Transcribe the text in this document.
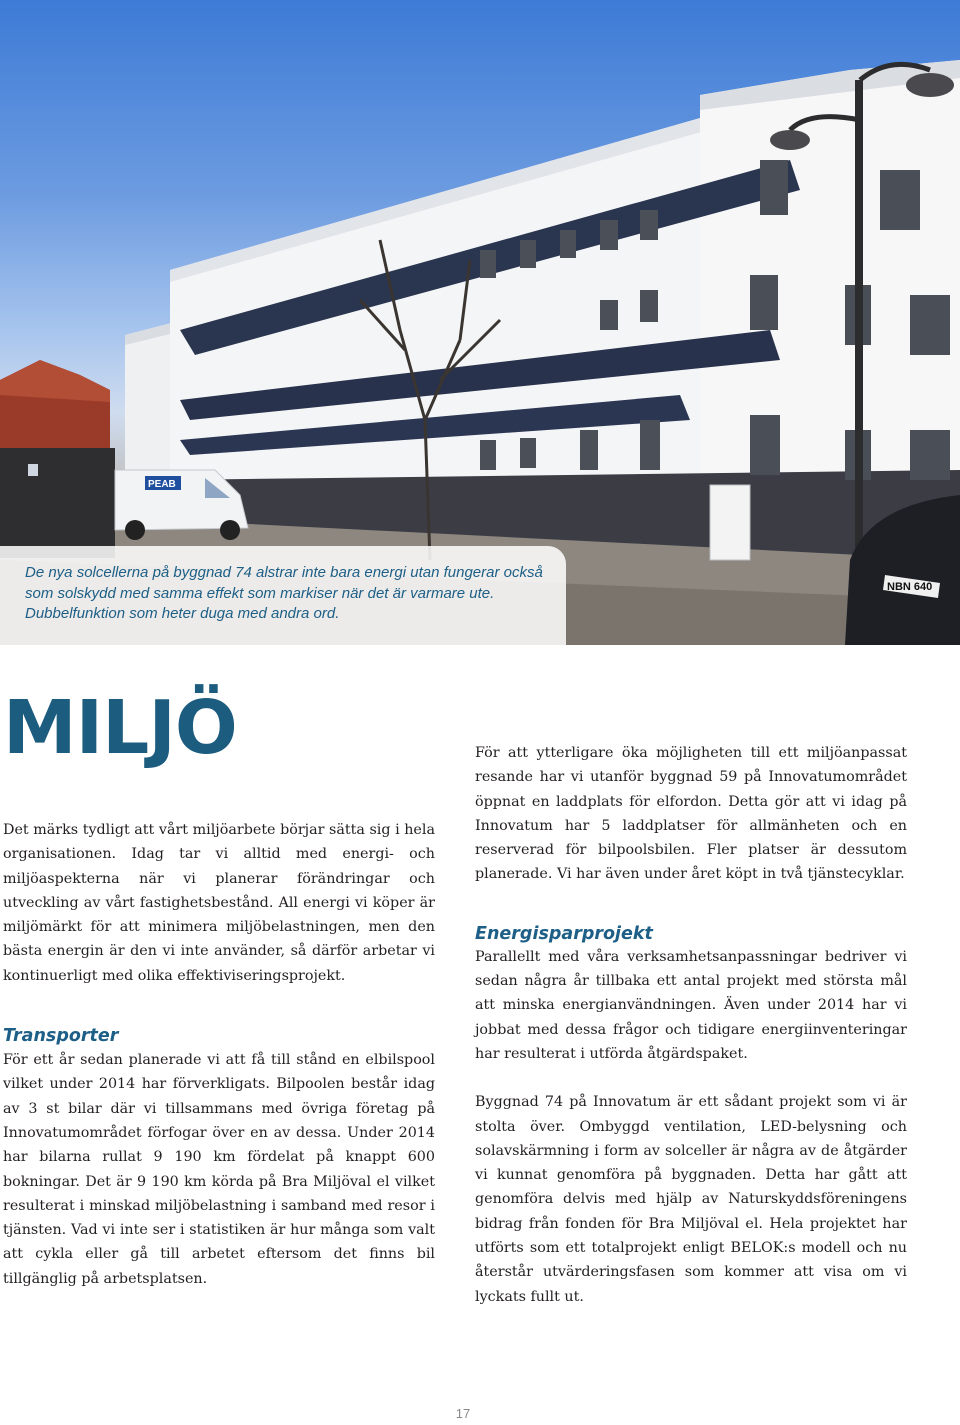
PEAB
NBN 640

De nya solcellerna på byggnad 74 alstrar inte bara energi utan fungerar också som solskydd med samma effekt som markiser när det är varmare ute. Dubbelfunktion som heter duga med andra ord.

MILJÖ

Det märks tydligt att vårt miljöarbete börjar sätta sig i hela organisationen. Idag tar vi alltid med energi- och miljöaspekterna när vi planerar förändringar och utveckling av vårt fastighetsbestånd. All energi vi köper är miljömärkt för att minimera miljöbelastningen, men den bästa energin är den vi inte använder, så därför arbetar vi kontinuerligt med olika effektiviseringsprojekt.

Transporter

För ett år sedan planerade vi att få till stånd en elbilspool vilket under 2014 har förverkligats. Bilpoolen består idag av 3 st bilar där vi tillsammans med övriga företag på Innovatumområdet förfogar över en av dessa. Under 2014 har bilarna rullat 9 190 km fördelat på knappt 600 bokningar. Det är 9 190 km körda på Bra Miljöval el vilket resulterat i minskad miljöbelastning i samband med resor i tjänsten. Vad vi inte ser i statistiken är hur många som valt att cykla eller gå till arbetet eftersom det finns bil tillgänglig på arbetsplatsen.

För att ytterligare öka möjligheten till ett miljöanpassat resande har vi utanför byggnad 59 på Innovatumområdet öppnat en laddplats för elfordon. Detta gör att vi idag på Innovatum har 5 laddplatser för allmänheten och en reserverad för bilpoolsbilen. Fler platser är dessutom planerade. Vi har även under året köpt in två tjänstecyklar.

Energisparprojekt

Parallellt med våra verksamhetsanpassningar bedriver vi sedan några år tillbaka ett antal projekt med största mål att minska energianvändningen. Även under 2014 har vi jobbat med dessa frågor och tidigare energiinventeringar har resulterat i utförda åtgärdspaket.

Byggnad 74 på Innovatum är ett sådant projekt som vi är stolta över. Ombyggd ventilation, LED-belysning och solavskärmning i form av solceller är några av de åtgärder vi kunnat genomföra på byggnaden. Detta har gått att genomföra delvis med hjälp av Naturskyddsföreningens bidrag från fonden för Bra Miljöval el. Hela projektet har utförts som ett totalprojekt enligt BELOK:s modell och nu återstår utvärderingsfasen som kommer att visa om vi lyckats fullt ut.

17
